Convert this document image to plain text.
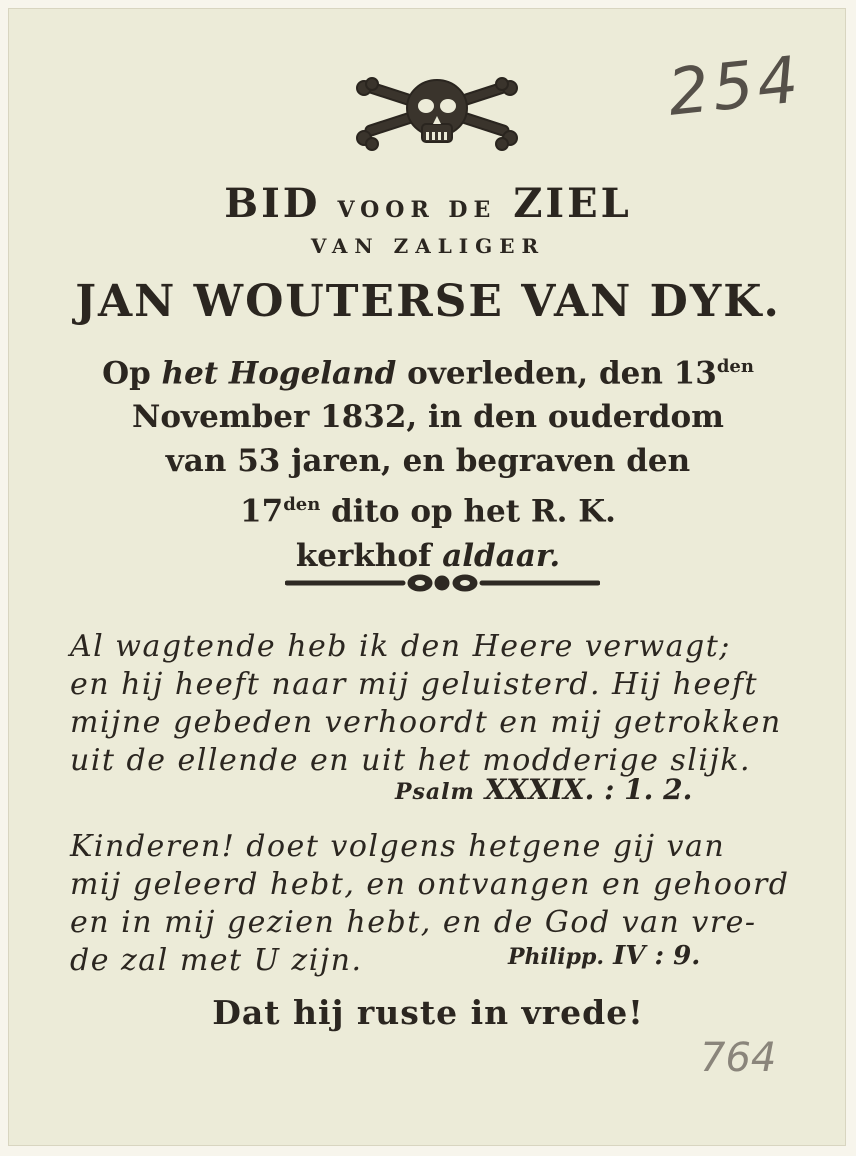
254
BID VOOR DE ZIEL
VAN ZALIGER
JAN WOUTERSE VAN DYK.
Op het Hogeland overleden, den $13^{den}$
November 1832, in den ouderdom
van 53 jaren, en begraven den
$17^{den}$ dito op het R. K.
kerkhof aldaar.
Al wagtende heb ik den Heere verwagt;
en hij heeft naar mij geluisterd. Hij heeft
mijne gebeden verhoordt en mij getrokken
uit de ellende en uit het modderige slijk.
Psalm XXXIX. : 1. 2.
Kinderen! doet volgens hetgene gij van
mij geleerd hebt, en ontvangen en gehoord
en in mij gezien hebt, en de God van vre-
de zal met U zijn.	Philipp. IV : 9.
Dat hij ruste in vrede!
764
